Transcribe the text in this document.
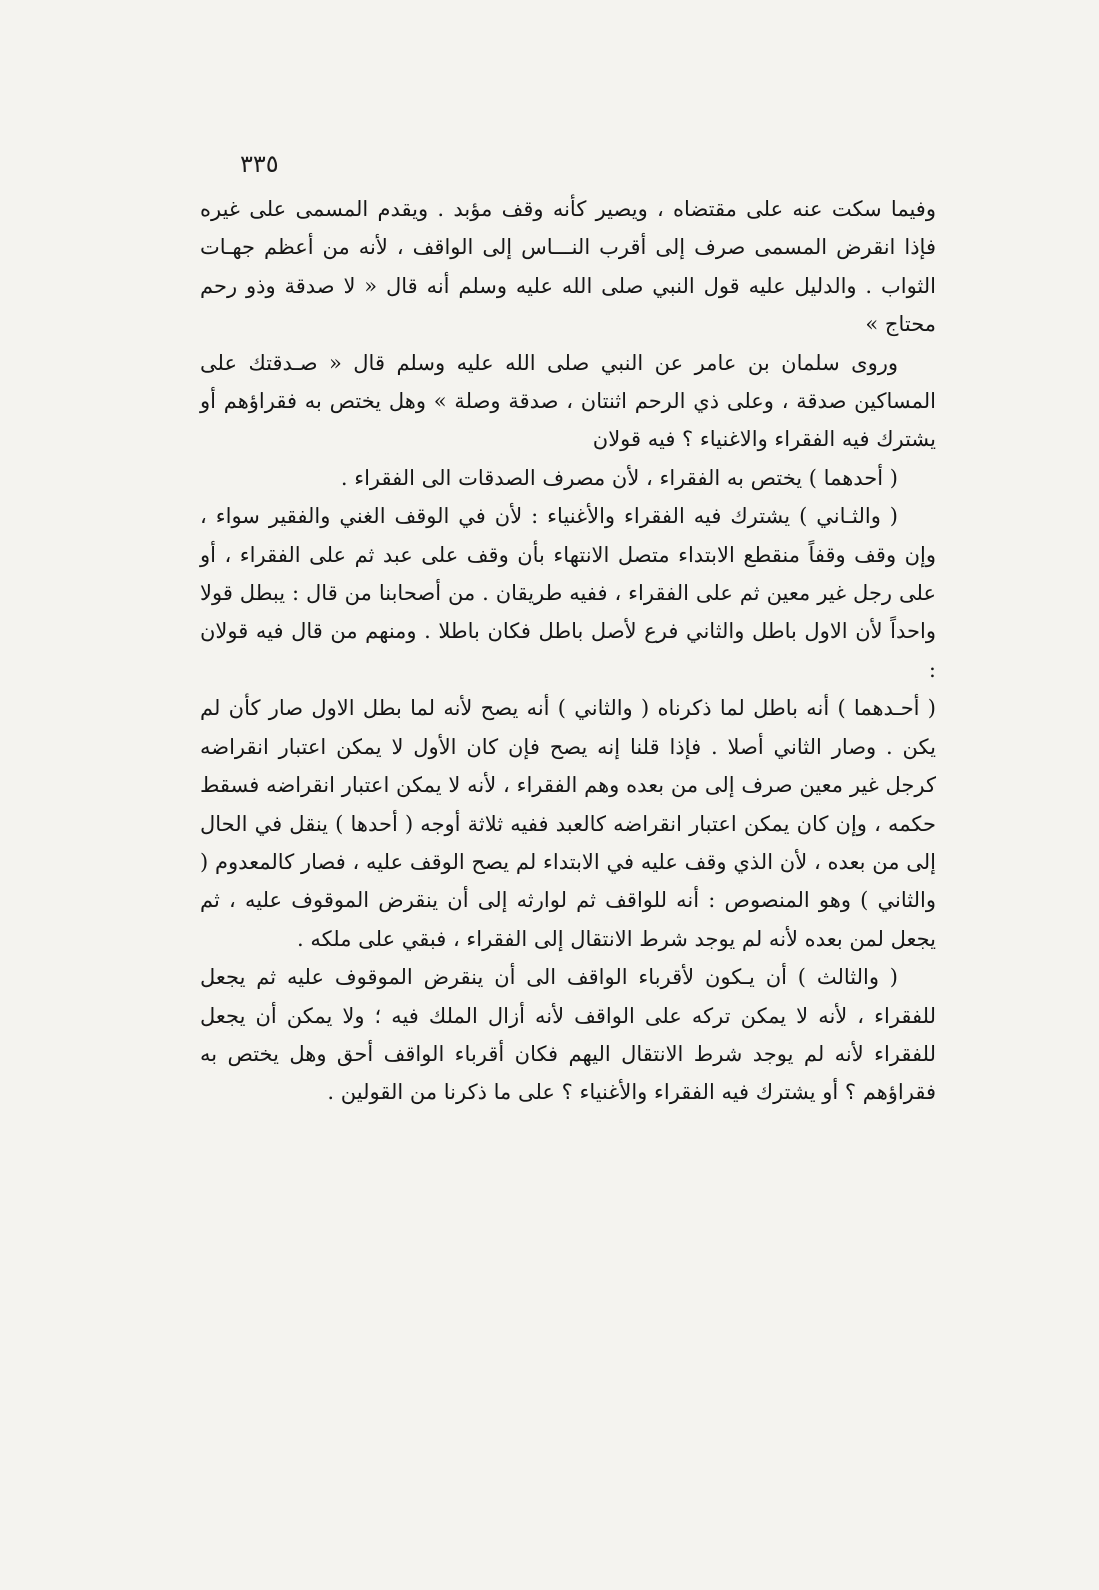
٣٣٥

وفيما سكت عنه على مقتضاه ، ويصير كأنه وقف مؤبد . ويقدم المسمى على غيره فإذا انقرض المسمى صرف إلى أقرب النـــاس إلى الواقف ، لأنه من أعظم جهـات الثواب . والدليل عليه قول النبي صلى الله عليه وسلم أنه قال « لا صدقة وذو رحم محتاج »

وروى سلمان بن عامر عن النبي صلى الله عليه وسلم قال « صـدقتك على المساكين صدقة ، وعلى ذي الرحم اثنتان ، صدقة وصلة » وهل يختص به فقراؤهم أو يشترك فيه الفقراء والاغنياء ؟ فيه قولان

( أحدهما ) يختص به الفقراء ، لأن مصرف الصدقات الى الفقراء .

( والثـاني ) يشترك فيه الفقراء والأغنياء : لأن في الوقف الغني والفقير سواء ، وإن وقف وقفاً منقطع الابتداء متصل الانتهاء بأن وقف على عبد ثم على الفقراء ، أو على رجل غير معين ثم على الفقراء ، ففيه طريقان . من أصحابنا من قال : يبطل قولا واحداً لأن الاول باطل والثاني فرع لأصل باطل فكان باطلا . ومنهم من قال فيه قولان :

( أحـدهما ) أنه باطل لما ذكرناه ( والثاني ) أنه يصح لأنه لما بطل الاول صار كأن لم يكن . وصار الثاني أصلا . فإذا قلنا إنه يصح فإن كان الأول لا يمكن اعتبار انقراضه كرجل غير معين صرف إلى من بعده وهم الفقراء ، لأنه لا يمكن اعتبار انقراضه فسقط حكمه ، وإن كان يمكن اعتبار انقراضه كالعبد ففيه ثلاثة أوجه ( أحدها ) ينقل في الحال إلى من بعده ، لأن الذي وقف عليه في الابتداء لم يصح الوقف عليه ، فصار كالمعدوم ( والثاني ) وهو المنصوص : أنه للواقف ثم لوارثه إلى أن ينقرض الموقوف عليه ، ثم يجعل لمن بعده لأنه لم يوجد شرط الانتقال إلى الفقراء ، فبقي على ملكه .

( والثالث ) أن يـكون لأقرباء الواقف الى أن ينقرض الموقوف عليه ثم يجعل للفقراء ، لأنه لا يمكن تركه على الواقف لأنه أزال الملك فيه ؛ ولا يمكن أن يجعل للفقراء لأنه لم يوجد شرط الانتقال اليهم فكان أقرباء الواقف أحق وهل يختص به فقراؤهم ؟ أو يشترك فيه الفقراء والأغنياء ؟ على ما ذكرنا من القولين .
